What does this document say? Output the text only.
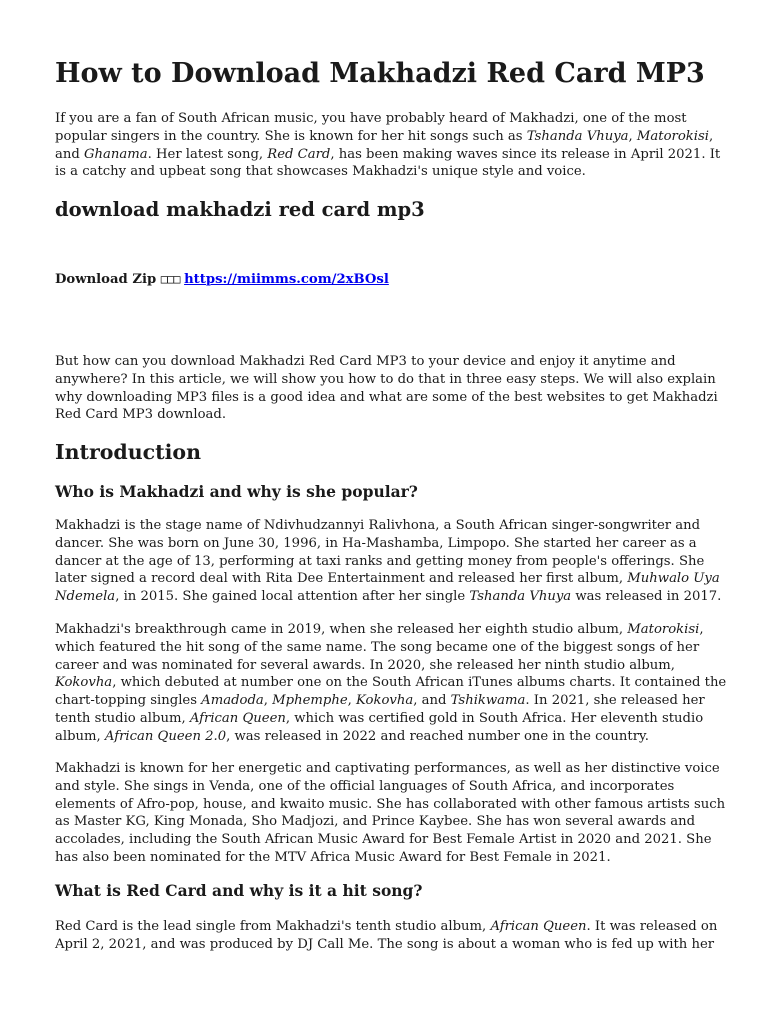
How to Download Makhadzi Red Card MP3

If you are a fan of South African music, you have probably heard of Makhadzi, one of the most
popular singers in the country. She is known for her hit songs such as Tshanda Vhuya, Matorokisi,
and Ghanama. Her latest song, Red Card, has been making waves since its release in April 2021. It
is a catchy and upbeat song that showcases Makhadzi's unique style and voice.

download makhadzi red card mp3
Download Zip □□□ https://miimms.com/2xBOsl

But how can you download Makhadzi Red Card MP3 to your device and enjoy it anytime and
anywhere? In this article, we will show you how to do that in three easy steps. We will also explain
why downloading MP3 files is a good idea and what are some of the best websites to get Makhadzi
Red Card MP3 download.

Introduction
Who is Makhadzi and why is she popular?

Makhadzi is the stage name of Ndivhudzannyi Ralivhona, a South African singer-songwriter and
dancer. She was born on June 30, 1996, in Ha-Mashamba, Limpopo. She started her career as a
dancer at the age of 13, performing at taxi ranks and getting money from people's offerings. She
later signed a record deal with Rita Dee Entertainment and released her first album, Muhwalo Uya
Ndemela, in 2015. She gained local attention after her single Tshanda Vhuya was released in 2017.

Makhadzi's breakthrough came in 2019, when she released her eighth studio album, Matorokisi,
which featured the hit song of the same name. The song became one of the biggest songs of her
career and was nominated for several awards. In 2020, she released her ninth studio album,
Kokovha, which debuted at number one on the South African iTunes albums charts. It contained the
chart-topping singles Amadoda, Mphemphe, Kokovha, and Tshikwama. In 2021, she released her
tenth studio album, African Queen, which was certified gold in South Africa. Her eleventh studio
album, African Queen 2.0, was released in 2022 and reached number one in the country.

Makhadzi is known for her energetic and captivating performances, as well as her distinctive voice
and style. She sings in Venda, one of the official languages of South Africa, and incorporates
elements of Afro-pop, house, and kwaito music. She has collaborated with other famous artists such
as Master KG, King Monada, Sho Madjozi, and Prince Kaybee. She has won several awards and
accolades, including the South African Music Award for Best Female Artist in 2020 and 2021. She
has also been nominated for the MTV Africa Music Award for Best Female in 2021.

What is Red Card and why is it a hit song?

Red Card is the lead single from Makhadzi's tenth studio album, African Queen. It was released on
April 2, 2021, and was produced by DJ Call Me. The song is about a woman who is fed up with her
